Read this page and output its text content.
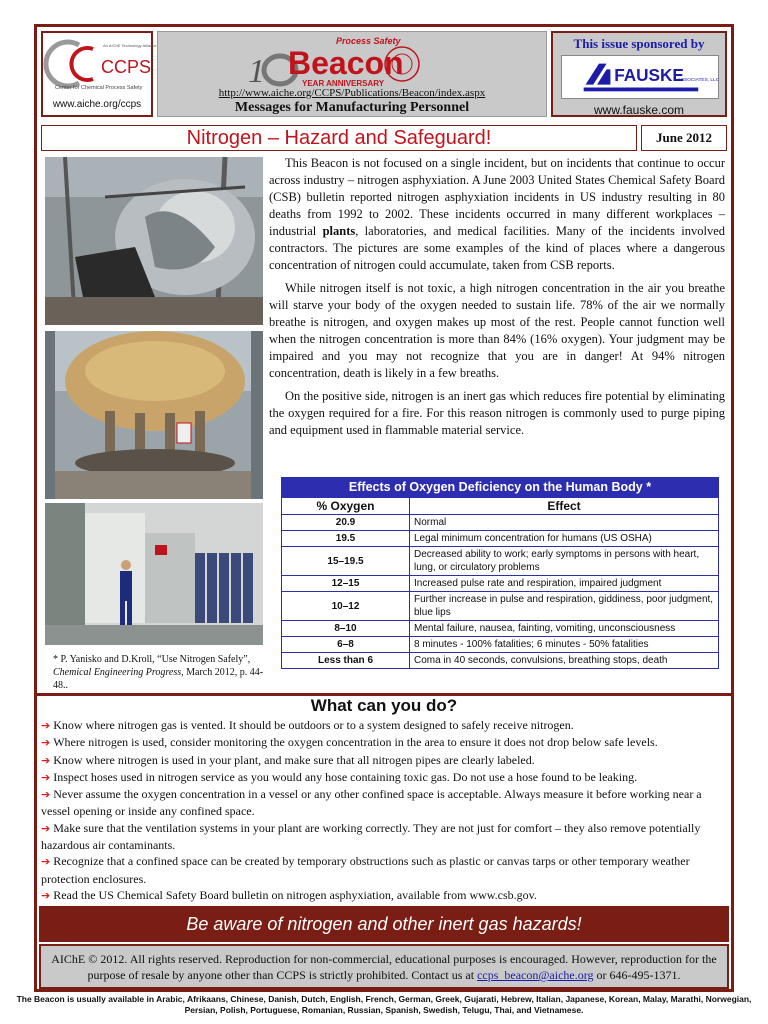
CCPS
An AIChE Technology Alliance
Center for Chemical Process Safety
www.aiche.org/ccps
1
Process Safety
Beacon
YEAR ANNIVERSARY
http://www.aiche.org/CCPS/Publications/Beacon/index.aspx
Messages for Manufacturing Personnel
This issue sponsored by
FAUSKE
& ASSOCIATES, LLC
www.fauske.com
Nitrogen – Hazard and Safeguard!	June 2012
* P. Yanisko and D.Kroll, “Use Nitrogen Safely”, Chemical Engineering Progress, March 2012, p. 44-48..

This Beacon is not focused on a single incident, but on incidents that continue to occur across industry – nitrogen asphyxiation. A June 2003 United States Chemical Safety Board (CSB) bulletin reported nitrogen asphyxiation incidents in US industry resulting in 80 deaths from 1992 to 2002. These incidents occurred in many different workplaces – industrial plants, laboratories, and medical facilities. Many of the incidents involved contractors. The pictures are some examples of the kind of places where a dangerous concentration of nitrogen could accumulate, taken from CSB reports.

While nitrogen itself is not toxic, a high nitrogen concentration in the air you breathe will starve your body of the oxygen needed to sustain life. 78% of the air we normally breathe is nitrogen, and oxygen makes up most of the rest. People cannot function well when the nitrogen concentration is more than 84% (16% oxygen). Your judgment may be impaired and you may not recognize that you are in danger! At 94% nitrogen concentration, death is likely in a few breaths.

On the positive side, nitrogen is an inert gas which reduces fire potential by eliminating the oxygen required for a fire. For this reason nitrogen is commonly used to purge piping and equipment used in flammable material service.

Effects of Oxygen Deficiency on the Human Body *
% Oxygen	Effect
20.9	Normal
19.5	Legal minimum concentration for humans (US OSHA)
15–19.5	Decreased ability to work; early symptoms in persons with heart, lung, or circulatory problems
12–15	Increased pulse rate and respiration, impaired judgment
10–12	Further increase in pulse and respiration, giddiness, poor judgment, blue lips
8–10	Mental failure, nausea, fainting, vomiting, unconsciousness
6–8	8 minutes - 100% fatalities; 6 minutes - 50% fatalities
Less than 6	Coma in 40 seconds, convulsions, breathing stops, death
What can you do?
➔ Know where nitrogen gas is vented. It should be outdoors or to a system designed to safely receive nitrogen.
➔ Where nitrogen is used, consider monitoring the oxygen concentration in the area to ensure it does not drop below safe levels.
➔ Know where nitrogen is used in your plant, and make sure that all nitrogen pipes are clearly labeled.
➔ Inspect hoses used in nitrogen service as you would any hose containing toxic gas. Do not use a hose found to be leaking.
➔ Never assume the oxygen concentration in a vessel or any other confined space is acceptable. Always measure it before working near a vessel opening or inside any confined space.
➔ Make sure that the ventilation systems in your plant are working correctly. They are not just for comfort – they also remove potentially hazardous air contaminants.
➔ Recognize that a confined space can be created by temporary obstructions such as plastic or canvas tarps or other temporary weather protection enclosures.
➔ Read the US Chemical Safety Board bulletin on nitrogen asphyxiation, available from www.csb.gov.
Be aware of nitrogen and other inert gas hazards!
AIChE © 2012. All rights reserved. Reproduction for non-commercial, educational purposes is encouraged. However, reproduction for the purpose of resale by anyone other than CCPS is strictly prohibited. Contact us at ccps_beacon@aiche.org or 646-495-1371.
The Beacon is usually available in Arabic, Afrikaans, Chinese, Danish, Dutch, English, French, German, Greek, Gujarati, Hebrew, Italian, Japanese, Korean, Malay, Marathi, Norwegian, Persian, Polish, Portuguese, Romanian, Russian, Spanish, Swedish, Telugu, Thai, and Vietnamese.
